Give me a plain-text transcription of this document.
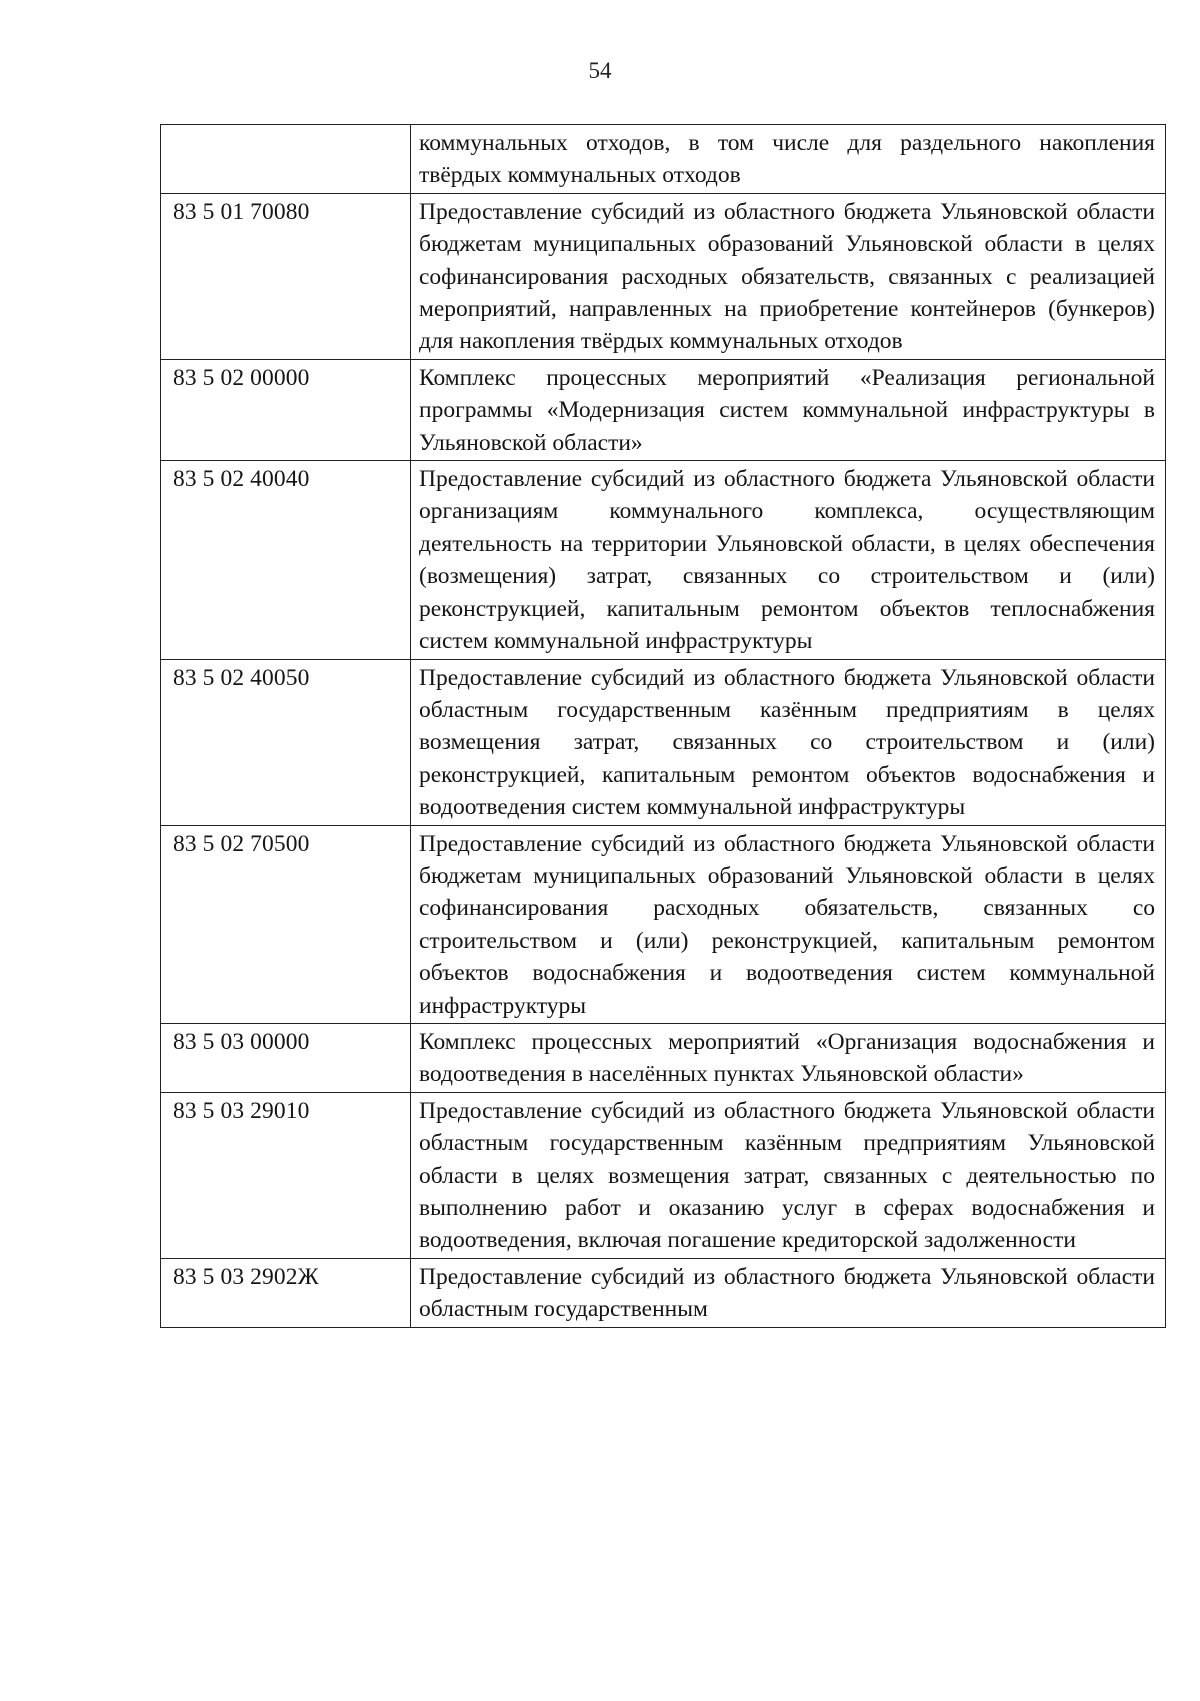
54
	коммунальных отходов, в том числе для раздельного накопления твёрдых коммунальных отходов
83 5 01 70080	Предоставление субсидий из областного бюджета Ульяновской области бюджетам муниципальных образований Ульяновской области в целях софинансирования расходных обязательств, связанных с реализацией мероприятий, направленных на приобретение контейнеров (бункеров) для накопления твёрдых коммунальных отходов
83 5 02 00000	Комплекс процессных мероприятий «Реализация региональной программы «Модернизация систем коммунальной инфраструктуры в Ульяновской области»
83 5 02 40040	Предоставление субсидий из областного бюджета Ульяновской области организациям коммунального комплекса, осуществляющим деятельность на территории Ульяновской области, в целях обеспечения (возмещения) затрат, связанных со строительством и (или) реконструкцией, капитальным ремонтом объектов теплоснабжения систем коммунальной инфраструктуры
83 5 02 40050	Предоставление субсидий из областного бюджета Ульяновской области областным государственным казённым предприятиям в целях возмещения затрат, связанных со строительством и (или) реконструкцией, капитальным ремонтом объектов водоснабжения и водоотведения систем коммунальной инфраструктуры
83 5 02 70500	Предоставление субсидий из областного бюджета Ульяновской области бюджетам муниципальных образований Ульяновской области в целях софинансирования расходных обязательств, связанных со строительством и (или) реконструкцией, капитальным ремонтом объектов водоснабжения и водоотведения систем коммунальной инфраструктуры
83 5 03 00000	Комплекс процессных мероприятий «Организация водоснабжения и водоотведения в населённых пунктах Ульяновской области»
83 5 03 29010	Предоставление субсидий из областного бюджета Ульяновской области областным государственным казённым предприятиям Ульяновской области в целях возмещения затрат, связанных с деятельностью по выполнению работ и оказанию услуг в сферах водоснабжения и водоотведения, включая погашение кредиторской задолженности
83 5 03 2902Ж	Предоставление субсидий из областного бюджета Ульяновской области областным государственным
